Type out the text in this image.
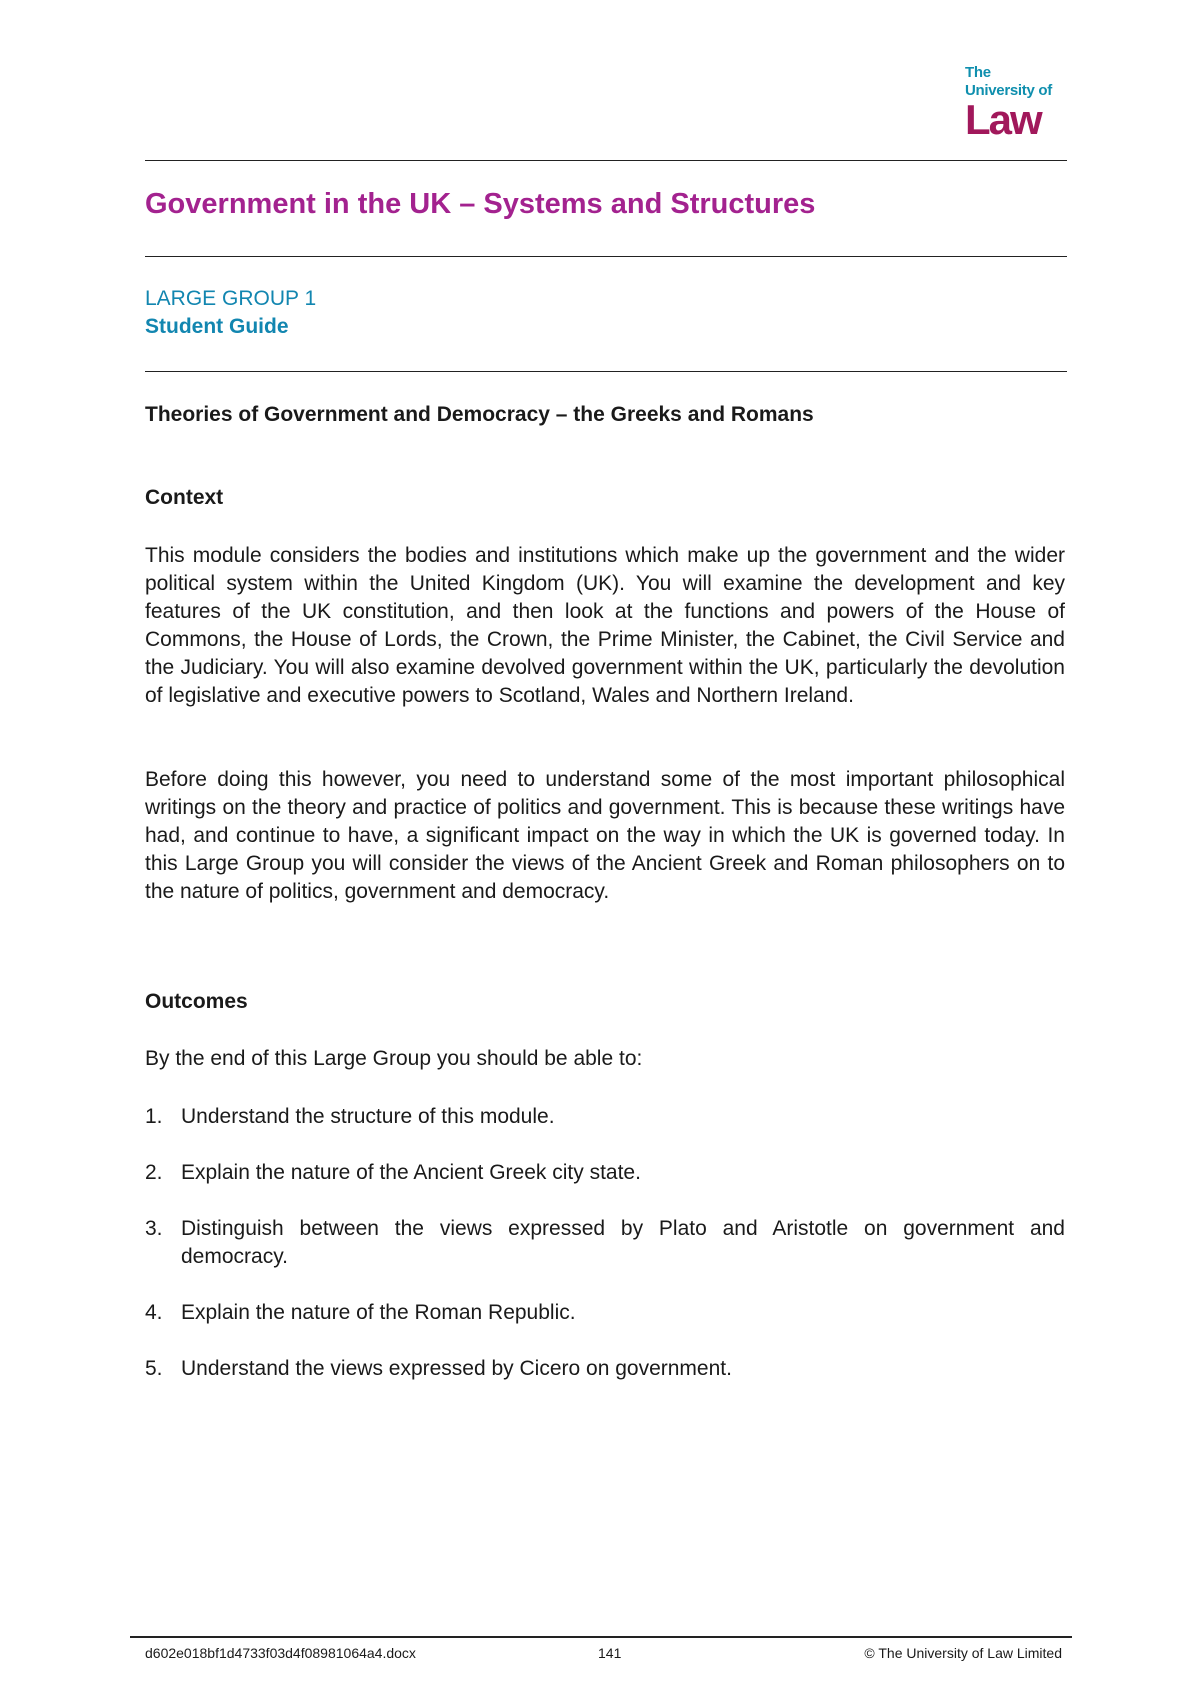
The
University of
Law
Government in the UK – Systems and Structures

LARGE GROUP 1

Student Guide

Theories of Government and Democracy – the Greeks and Romans
Context

This module considers the bodies and institutions which make up the government and the wider political system within the United Kingdom (UK). You will examine the development and key features of the UK constitution, and then look at the functions and powers of the House of Commons, the House of Lords, the Crown, the Prime Minister, the Cabinet, the Civil Service and the Judiciary. You will also examine devolved government within the UK, particularly the devolution of legislative and executive powers to Scotland, Wales and Northern Ireland.

Before doing this however, you need to understand some of the most important philosophical writings on the theory and practice of politics and government. This is because these writings have had, and continue to have, a significant impact on the way in which the UK is governed today. In this Large Group you will consider the views of the Ancient Greek and Roman philosophers on to the nature of politics, government and democracy.

Outcomes

By the end of this Large Group you should be able to:

1. Understand the structure of this module.
2. Explain the nature of the Ancient Greek city state.
3. Distinguish between the views expressed by Plato and Aristotle on government and democracy.
4. Explain the nature of the Roman Republic.
5. Understand the views expressed by Cicero on government.

d602e018bf1d4733f03d4f08981064a4.docx	141	© The University of Law Limited
